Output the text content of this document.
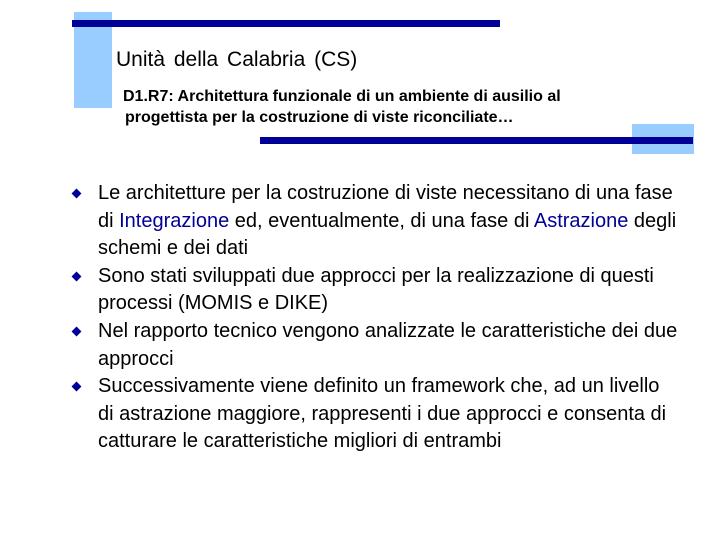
Unità della Calabria (CS)
D1.R7: Architettura funzionale di un ambiente di ausilio al
progettista per la costruzione di viste riconciliate…
Le architetture per la costruzione di viste necessitano di una fase di Integrazione ed, eventualmente, di una fase di Astrazione degli schemi e dei dati
Sono stati sviluppati due approcci per la realizzazione di questi processi (MOMIS e DIKE)
Nel rapporto tecnico vengono analizzate le caratteristiche dei due approcci
Successivamente viene definito un framework che, ad un livello di astrazione maggiore, rappresenti i due approcci e consenta di catturare le caratteristiche migliori di entrambi
